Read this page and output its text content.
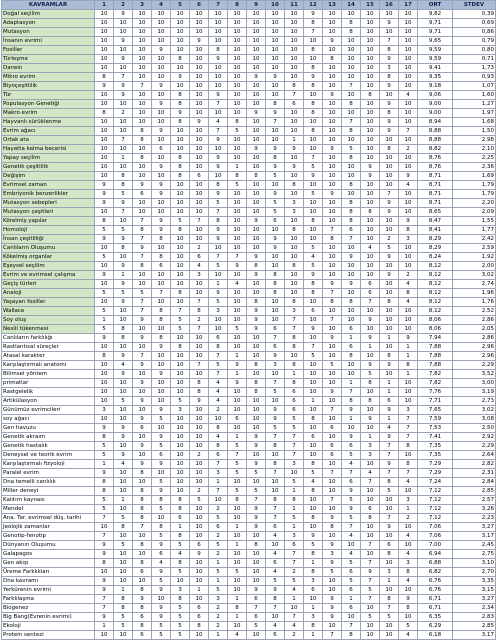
KAVRAMLAR	1	2	3	4	5	6	7	8	9	10	11	12	13	14	15	16	17	ORT	STDEV
Doğal seçilim	10	9	10	10	10	10	10	10	10	10	10	9	10	10	10	10	10	9,82	0,39
Adaptasyon	10	10	10	10	10	10	10	10	10	10	10	8	10	8	10	9	10	9,71	0,69
Mutasyon	10	10	10	10	10	10	10	10	10	10	10	7	10	8	10	10	10	9,71	0,86
İnsanın evrimi	10	9	10	10	10	9	10	10	10	10	10	10	9	10	10	7	10	9,65	0,79
Fosiller	10	10	10	9	10	10	8	10	10	10	10	8	10	10	10	8	10	9,59	0,80
Türleşme	10	9	10	10	8	10	9	10	10	10	10	10	8	10	10	9	10	9,59	0,71
Darwin	10	10	10	10	10	10	10	10	10	10	10	8	10	10	10	3	10	9,41	1,73
Mikro evrim	8	7	10	10	9	10	10	10	9	9	10	9	10	10	10	8	10	9,35	0,93
Biyoçeşitlilik	9	9	7	9	10	10	10	10	10	10	8	8	10	7	10	9	10	9,18	1,07
Tür	10	9	10	10	8	10	9	10	10	10	7	10	9	10	8	10	4	9,06	1,60
Populasyon Genetiği	10	10	10	9	8	10	7	10	10	8	6	8	10	8	10	9	10	9,00	1,27
Makro evrim	8	2	10	10	9	10	10	10	9	9	10	8	10	10	10	8	10	9,00	1,97
Hayvanlı sürüklenme	10	10	10	10	8	9	4	8	10	7	10	10	10	7	10	9	10	8,94	1,68
Evrim ağacı	10	10	8	9	10	10	7	5	10	10	10	8	10	8	10	9	7	8,88	1,50
Ortak ata	10	7	8	10	10	10	9	10	10	10	1	10	10	10	10	10	10	8,88	2,98
Hayatta kalma becerisi	10	10	10	6	10	10	10	10	9	9	9	10	9	5	10	8	2	8,82	2,10
Yapay seçilim	10	1	8	10	8	10	9	10	10	8	10	7	10	8	10	10	10	8,76	2,25
Genetik çeşitlilik	10	10	10	9	8	10	9	1	10	9	9	5	10	10	9	10	10	8,76	2,36
Değişim	10	8	10	10	8	6	10	8	8	5	10	9	10	10	9	10	9	8,71	1,69
Evrimsel zaman	9	8	9	9	10	10	8	5	10	10	8	10	10	8	10	10	4	8,71	1,79
Embriyonik benzerlikler	9	5	6	9	10	10	9	10	10	9	10	5	9	10	10	7	10	8,71	1,79
Mutasyon sebepleri	9	9	10	10	10	10	5	10	10	5	3	10	10	8	10	9	10	8,71	2,20
Mutasyon çeşitleri	10	7	10	10	10	10	7	10	10	5	3	10	10	8	8	9	10	8,65	2,09
Körelmiş yapılar	8	10	7	9	5	7	8	10	9	6	10	8	10	8	10	10	9	8,47	1,55
Homoloji	5	5	8	9	8	10	9	10	10	10	8	10	7	6	10	10	8	8,41	1,77
İnsan çeşitliliği	9	9	7	8	10	10	9	10	10	9	10	10	8	7	10	2	3	8,29	2,42
Canlıların Oluşumu	10	8	9	10	10	2	10	10	10	9	10	5	10	10	4	5	10	8,29	2,59
Kökelmiş organlar	5	10	7	8	10	6	7	7	9	10	10	4	10	9	10	9	10	8,24	1,92
Eşeysel seçilim	10	9	8	6	10	4	5	9	8	10	8	5	10	10	10	10	10	8,12	2,00
Evrim ve evrimsel çalışma	9	1	10	10	10	3	10	10	9	8	10	9	10	10	10	9	2	8,12	3,02
Geçiş türleri	10	9	10	10	10	10	1	4	10	8	10	8	9	9	6	10	4	8,12	2,74
Analoji	5	5	5	7	8	10	9	10	10	8	10	8	7	10	6	10	8	8,12	1,96
Yaşayan fosiller	10	9	7	10	10	7	5	10	8	10	8	10	8	8	7	8	4	8,12	1,76
Wallace	5	10	7	8	7	8	3	10	9	10	3	6	10	10	10	10	10	8,12	2,52
Soy oluş	1	10	9	8	5	2	10	10	9	10	7	10	7	10	9	10	10	8,06	2,86
Neslil tükenmesi	5	8	10	10	5	7	10	5	9	6	7	9	10	6	10	10	10	8,06	2,05
Canlıların farklılığı	9	8	9	8	10	10	6	10	10	7	8	10	9	1	9	1	9	7,94	2,86
Rastlantısal süreçler	10	10	10	9	8	10	8	10	10	6	8	7	10	6	1	10	1	7,88	2,96
Atasal karakter	8	9	7	10	10	10	7	1	10	9	10	5	10	8	10	8	1	7,88	2,96
Karşılaştırmalı anatomi	10	4	9	10	10	7	5	9	8	3	8	10	5	10	9	9	8	7,88	2,29
Bilimsel yöntem	10	9	10	9	10	10	7	1	10	10	1	10	10	10	5	10	1	7,82	3,52
primatlar	10	10	9	10	10	8	4	9	8	7	8	10	10	1	8	1	10	7,82	3,00
Rastgelelik	10	10	10	10	10	8	4	10	8	5	6	10	9	7	10	1	10	7,76	3,19
Artikülasyon	10	5	9	10	5	9	4	10	10	10	6	1	10	8	8	6	10	7,71	2,73
Günümüz evrimcileri	3	10	10	9	3	10	2	10	10	9	6	10	7	9	10	9	3	7,65	3,02
soy ağacı	10	10	9	5	10	10	10	6	10	9	5	8	10	1	9	1	7	7,59	3,08
Gen havuzu	9	9	6	10	10	10	8	10	10	5	5	10	6	10	10	4	7	7,53	2,50
Genetik akraım	8	9	10	9	10	10	4	1	9	7	7	6	10	9	1	9	7	7,41	2,92
Genetik hastalık	5	10	9	5	10	10	8	5	9	8	7	10	6	6	3	7	8	7,35	2,29
Deneysel ve teorik evrim	5	9	10	6	10	2	6	7	10	10	7	10	6	5	3	7	10	7,35	2,64
Karşılaştırmalı fizyoloji	1	4	9	9	10	10	7	5	9	8	3	8	10	4	10	9	8	7,29	2,82
Paralel evrim	9	10	8	10	10	10	3	5	5	7	10	5	7	7	4	7	7	7,29	2,31
Dna temelli canlılık	8	10	10	5	10	10	1	10	10	10	5	4	10	6	7	8	4	7,24	2,84
Miller deneyi	8	10	8	9	10	2	7	5	5	10	1	8	10	9	10	5	10	7,12	2,85
Kalıtım kaynası	5	1	8	8	8	5	10	8	7	8	8	10	7	5	10	10	3	7,12	2,57
Mendel	5	10	8	5	8	10	2	10	9	7	1	10	10	9	6	10	1	7,12	3,26
Ana. Tar. evrimsel düş. tarihi	7	5	8	10	6	10	5	10	9	7	5	8	9	5	8	7	2	7,12	2,23
Jeolojik zamanlar	10	8	7	8	1	10	6	1	9	6	1	10	8	7	10	9	10	7,06	3,27
Genotip-fenotip	7	10	10	5	8	10	2	10	10	4	3	9	10	4	10	10	4	7,06	3,17
Dünyanın Oluşumu	9	5	8	9	5	6	5	1	8	10	6	5	9	10	7	6	10	7,00	2,45
Galapagos	9	10	10	6	4	9	2	10	10	4	7	8	3	4	10	8	4	6,94	2,75
Gen akışı	8	10	8	4	8	10	1	10	10	6	7	1	9	5	7	10	3	6,88	3,10
Üreme Farklıkları	10	10	6	9	5	10	5	5	10	4	2	8	5	6	9	3	8	6,82	2,70
Dna kavramı	9	10	10	5	10	10	1	10	10	5	5	3	10	5	7	1	4	6,76	3,35
Yerkürenin evrimi	9	1	8	9	3	1	5	10	9	9	4	6	10	6	5	10	10	6,76	3,15
Farklılaşma	7	8	9	10	8	10	3	1	6	8	1	10	9	1	7	8	9	6,71	3,27
Biogenez	7	8	8	9	5	6	2	8	7	7	10	1	9	6	10	7	8	6,71	2,34
Big Bang(Evrenin evrimi)	9	5	6	9	5	6	2	1	6	10	7	3	9	10	5	5	10	6,35	2,83
Ekoloji	1	5	8	5	5	8	2	10	5	4	4	8	10	7	10	10	5	6,29	2,85
Protein sentezi	10	10	6	5	5	10	1	4	10	6	2	1	7	8	10	10	4	6,18	3,17
